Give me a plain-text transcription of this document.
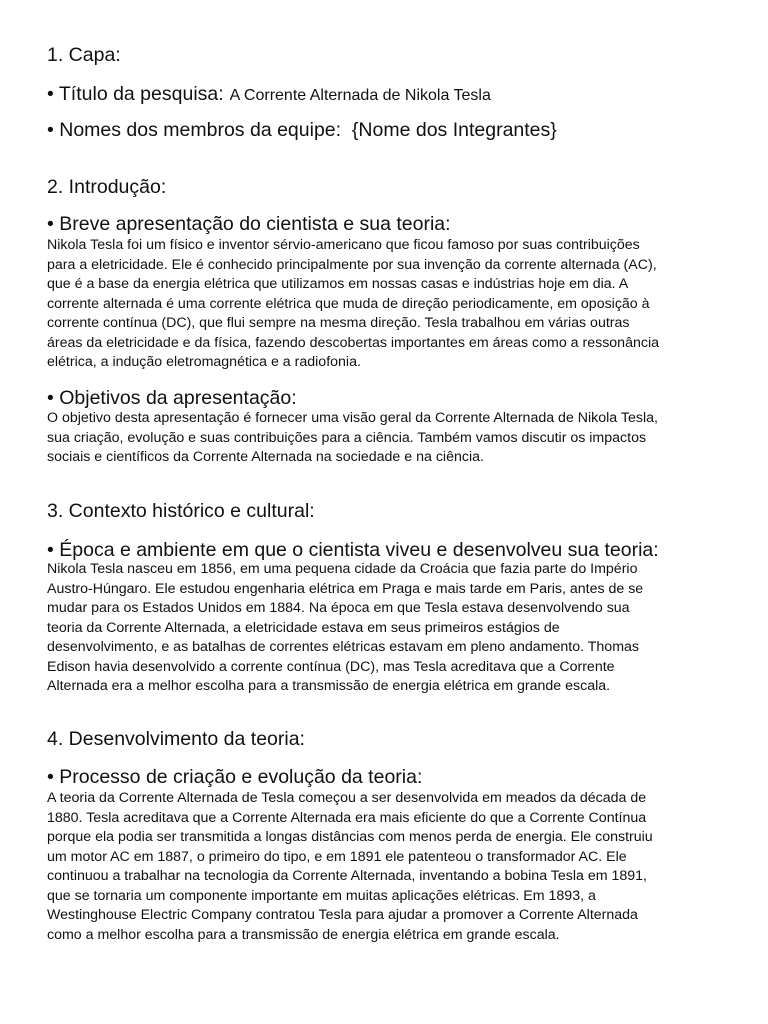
1. Capa:
• Título da pesquisa: A Corrente Alternada de Nikola Tesla
• Nomes dos membros da equipe: {Nome dos Integrantes}
2. Introdução:
• Breve apresentação do cientista e sua teoria:
Nikola Tesla foi um físico e inventor sérvio-americano que ficou famoso por suas contribuições
para a eletricidade. Ele é conhecido principalmente por sua invenção da corrente alternada (AC),
que é a base da energia elétrica que utilizamos em nossas casas e indústrias hoje em dia. A
corrente alternada é uma corrente elétrica que muda de direção periodicamente, em oposição à
corrente contínua (DC), que flui sempre na mesma direção. Tesla trabalhou em várias outras
áreas da eletricidade e da física, fazendo descobertas importantes em áreas como a ressonância
elétrica, a indução eletromagnética e a radiofonia.
• Objetivos da apresentação:
O objetivo desta apresentação é fornecer uma visão geral da Corrente Alternada de Nikola Tesla,
sua criação, evolução e suas contribuições para a ciência. Também vamos discutir os impactos
sociais e científicos da Corrente Alternada na sociedade e na ciência.
3. Contexto histórico e cultural:
• Época e ambiente em que o cientista viveu e desenvolveu sua teoria:
Nikola Tesla nasceu em 1856, em uma pequena cidade da Croácia que fazia parte do Império
Austro-Húngaro. Ele estudou engenharia elétrica em Praga e mais tarde em Paris, antes de se
mudar para os Estados Unidos em 1884. Na época em que Tesla estava desenvolvendo sua
teoria da Corrente Alternada, a eletricidade estava em seus primeiros estágios de
desenvolvimento, e as batalhas de correntes elétricas estavam em pleno andamento. Thomas
Edison havia desenvolvido a corrente contínua (DC), mas Tesla acreditava que a Corrente
Alternada era a melhor escolha para a transmissão de energia elétrica em grande escala.
4. Desenvolvimento da teoria:
• Processo de criação e evolução da teoria:
A teoria da Corrente Alternada de Tesla começou a ser desenvolvida em meados da década de
1880. Tesla acreditava que a Corrente Alternada era mais eficiente do que a Corrente Contínua
porque ela podia ser transmitida a longas distâncias com menos perda de energia. Ele construiu
um motor AC em 1887, o primeiro do tipo, e em 1891 ele patenteou o transformador AC. Ele
continuou a trabalhar na tecnologia da Corrente Alternada, inventando a bobina Tesla em 1891,
que se tornaria um componente importante em muitas aplicações elétricas. Em 1893, a
Westinghouse Electric Company contratou Tesla para ajudar a promover a Corrente Alternada
como a melhor escolha para a transmissão de energia elétrica em grande escala.
